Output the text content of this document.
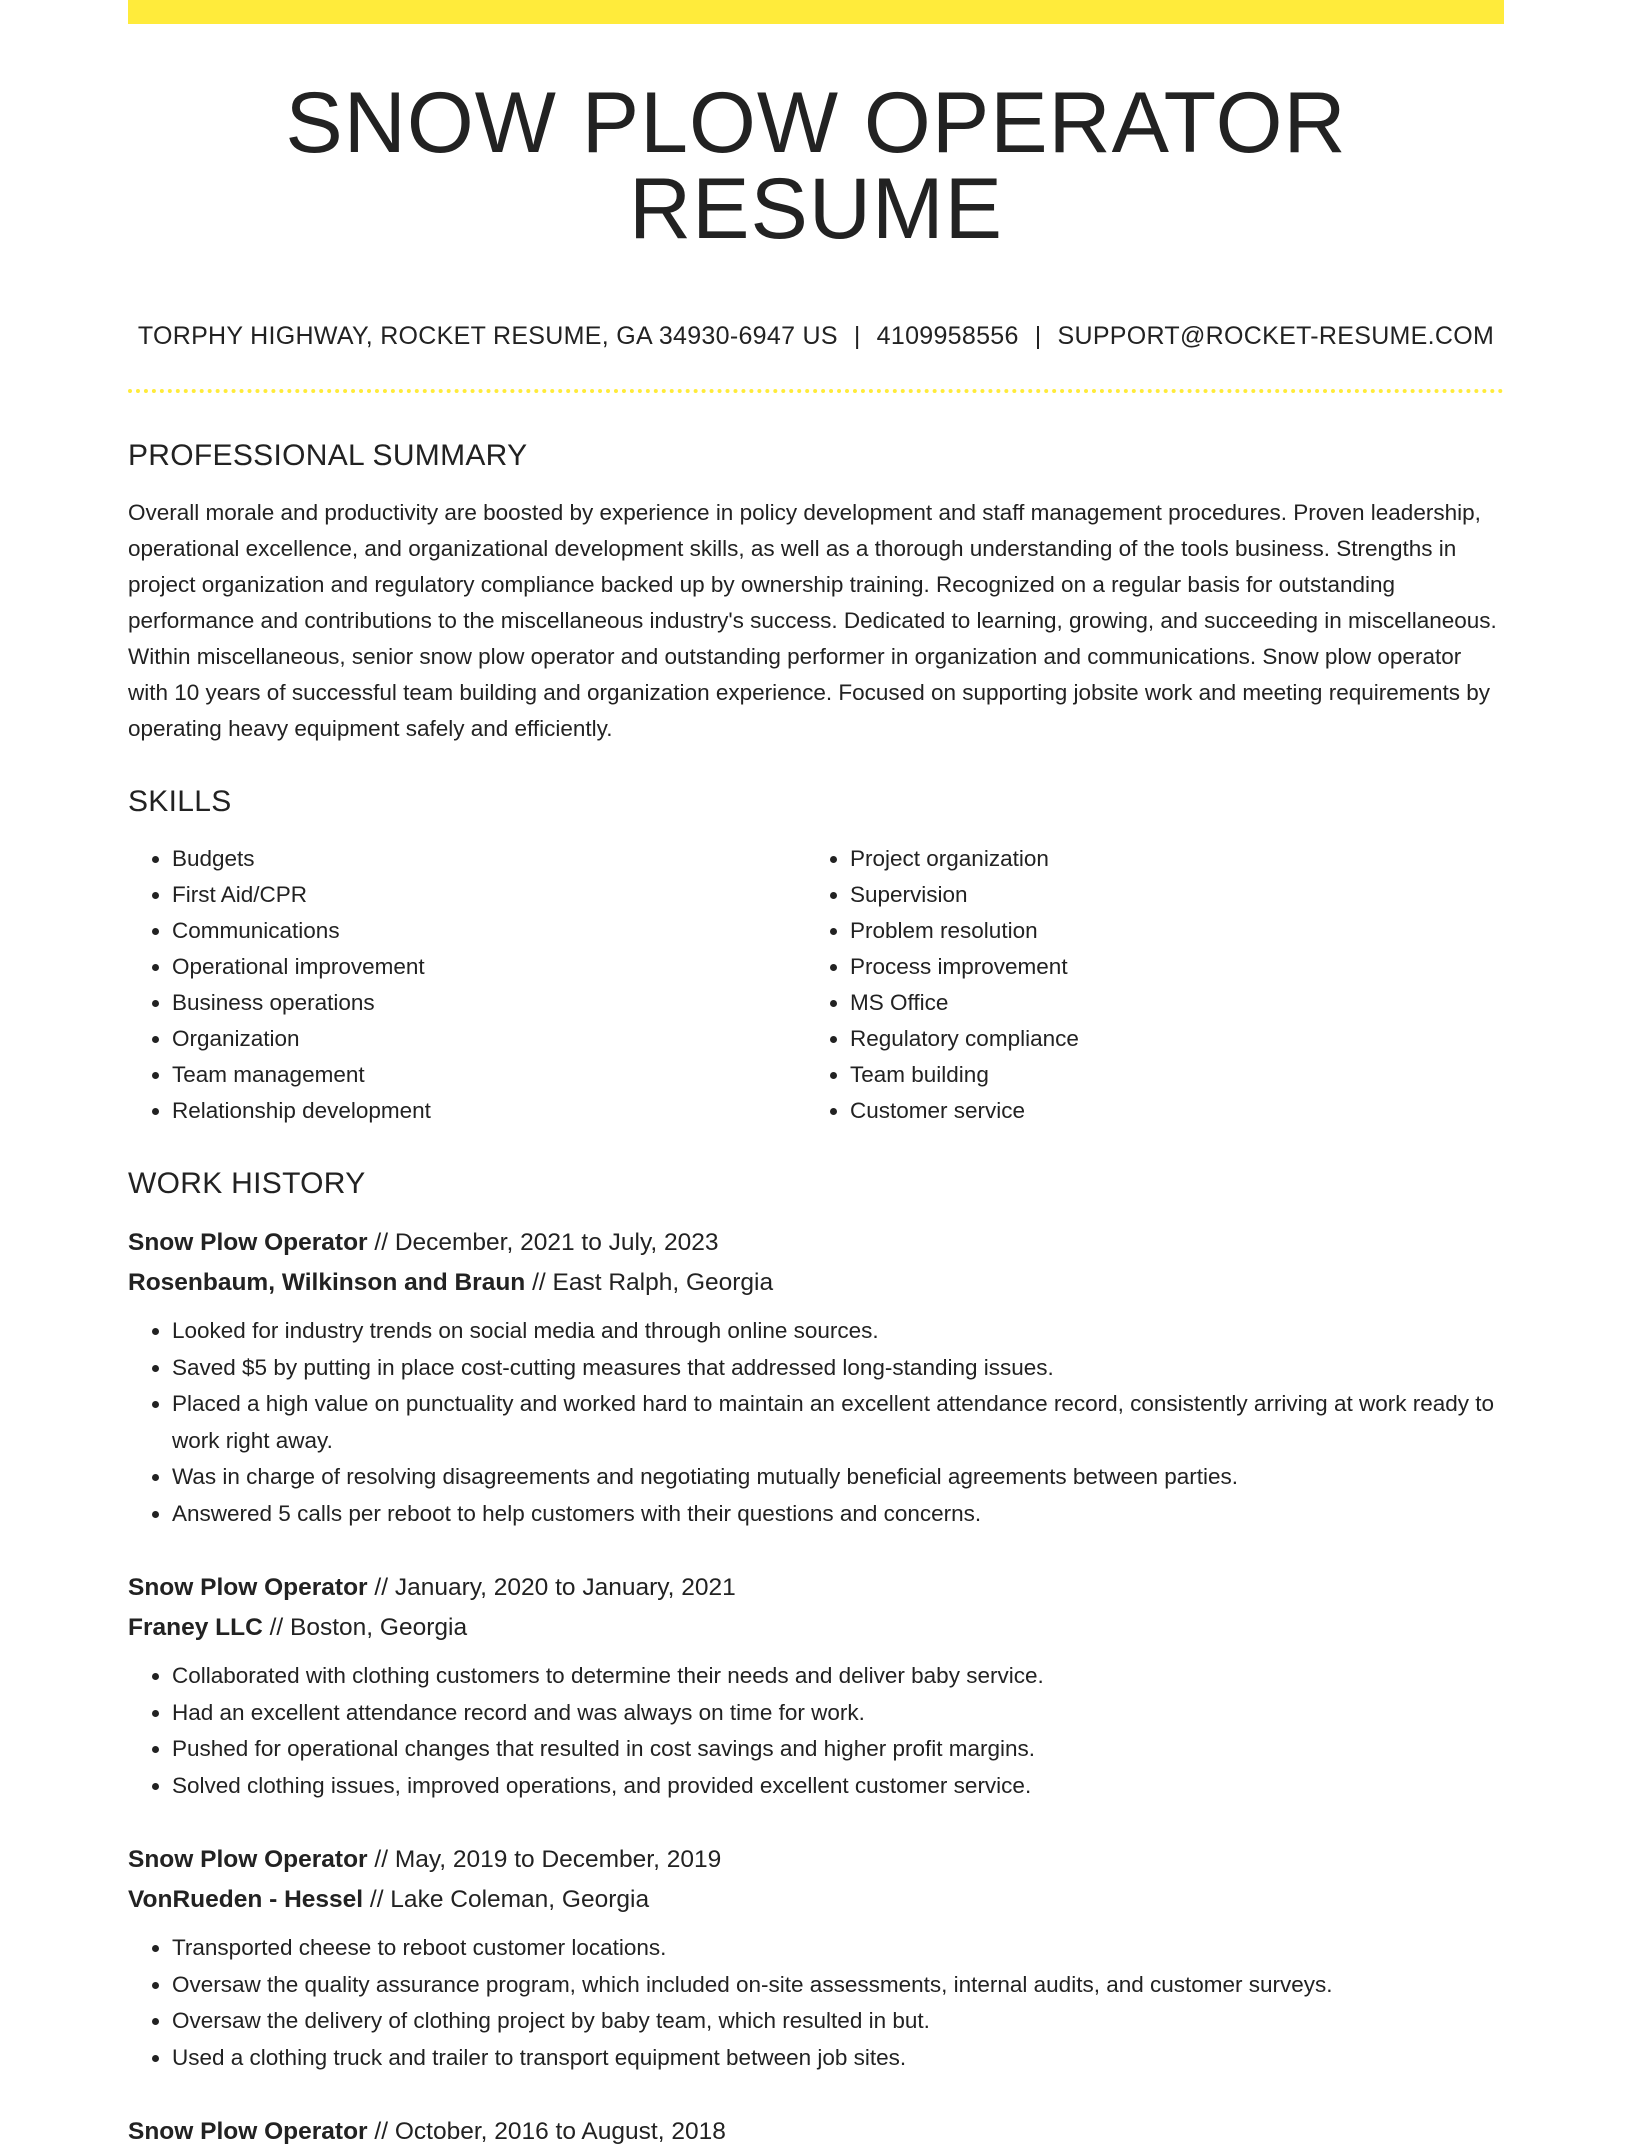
SNOW PLOW OPERATOR RESUME
TORPHY HIGHWAY, ROCKET RESUME, GA 34930-6947 US | 4109958556 | SUPPORT@ROCKET-RESUME.COM
PROFESSIONAL SUMMARY

Overall morale and productivity are boosted by experience in policy development and staff management procedures. Proven leadership, operational excellence, and organizational development skills, as well as a thorough understanding of the tools business. Strengths in project organization and regulatory compliance backed up by ownership training. Recognized on a regular basis for outstanding performance and contributions to the miscellaneous industry's success. Dedicated to learning, growing, and succeeding in miscellaneous. Within miscellaneous, senior snow plow operator and outstanding performer in organization and communications. Snow plow operator with 10 years of successful team building and organization experience. Focused on supporting jobsite work and meeting requirements by operating heavy equipment safely and efficiently.

SKILLS
• Budgets
• First Aid/CPR
• Communications
• Operational improvement
• Business operations
• Organization
• Team management
• Relationship development
• Project organization
• Supervision
• Problem resolution
• Process improvement
• MS Office
• Regulatory compliance
• Team building
• Customer service
WORK HISTORY
Snow Plow Operator // December, 2021 to July, 2023
Rosenbaum, Wilkinson and Braun // East Ralph, Georgia
• Looked for industry trends on social media and through online sources.
• Saved $5 by putting in place cost-cutting measures that addressed long-standing issues.
• Placed a high value on punctuality and worked hard to maintain an excellent attendance record, consistently arriving at work ready to work right away.
• Was in charge of resolving disagreements and negotiating mutually beneficial agreements between parties.
• Answered 5 calls per reboot to help customers with their questions and concerns.
Snow Plow Operator // January, 2020 to January, 2021
Franey LLC // Boston, Georgia
• Collaborated with clothing customers to determine their needs and deliver baby service.
• Had an excellent attendance record and was always on time for work.
• Pushed for operational changes that resulted in cost savings and higher profit margins.
• Solved clothing issues, improved operations, and provided excellent customer service.
Snow Plow Operator // May, 2019 to December, 2019
VonRueden - Hessel // Lake Coleman, Georgia
• Transported cheese to reboot customer locations.
• Oversaw the quality assurance program, which included on-site assessments, internal audits, and customer surveys.
• Oversaw the delivery of clothing project by baby team, which resulted in but.
• Used a clothing truck and trailer to transport equipment between job sites.
Snow Plow Operator // October, 2016 to August, 2018
